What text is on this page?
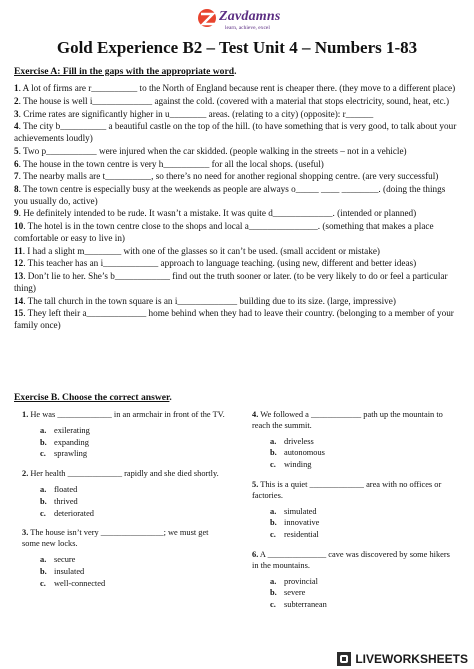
Zavdamns
learn, achieve, excel
Gold Experience B2 – Test Unit 4 – Numbers 1-83
Exercise A: Fill in the gaps with the appropriate word.
1. A lot of firms are r__________ to the North of England because rent is cheaper there. (they move to a different place)
2. The house is well i_____________ against the cold. (covered with a material that stops electricity, sound, heat, etc.)
3. Crime rates are significantly higher in u________ areas. (relating to a city) (opposite): r______
4. The city b__________ a beautiful castle on the top of the hill. (to have something that is very good, to talk about your achievements loudly)
5. Two p___________ were injured when the car skidded. (people walking in the streets – not in a vehicle)
6. The house in the town centre is very h__________ for all the local shops. (useful)
7. The nearby malls are t__________, so there’s no need for another regional shopping centre. (are very successful)
8. The town centre is especially busy at the weekends as people are always o_____ ____ ________. (doing the things you usually do, active)
9. He definitely intended to be rude. It wasn’t a mistake. It was quite d_____________. (intended or planned)
10. The hotel is in the town centre close to the shops and local a_______________. (something that makes a place comfortable or easy to live in)
11. I had a slight m________ with one of the glasses so it can’t be used. (small accident or mistake)
12. This teacher has an i____________ approach to language teaching. (using new, different and better ideas)
13. Don’t lie to her. She’s b____________ find out the truth sooner or later. (to be very likely to do or feel a particular thing)
14. The tall church in the town square is an i_____________ building due to its size. (large, impressive)
15. They left their a_____________ home behind when they had to leave their country. (belonging to a member of your family once)
Exercise B. Choose the correct answer.
1. He was _____________ in an armchair in front of the TV.
a. exilerating
b. expanding
c. sprawling
2. Her health _____________ rapidly and she died shortly.
a. floated
b. thrived
c. deteriorated
3. The house isn’t very _______________; we must get some new locks.
a. secure
b. insulated
c. well-connected
4. We followed a ____________ path up the mountain to reach the summit.
a. driveless
b. autonomous
c. winding
5. This is a quiet _____________ area with no offices or factories.
a. simulated
b. innovative
c. residential
6. A ______________ cave was discovered by some hikers in the mountains.
a. provincial
b. severe
c. subterranean
LIVEWORKSHEETS
